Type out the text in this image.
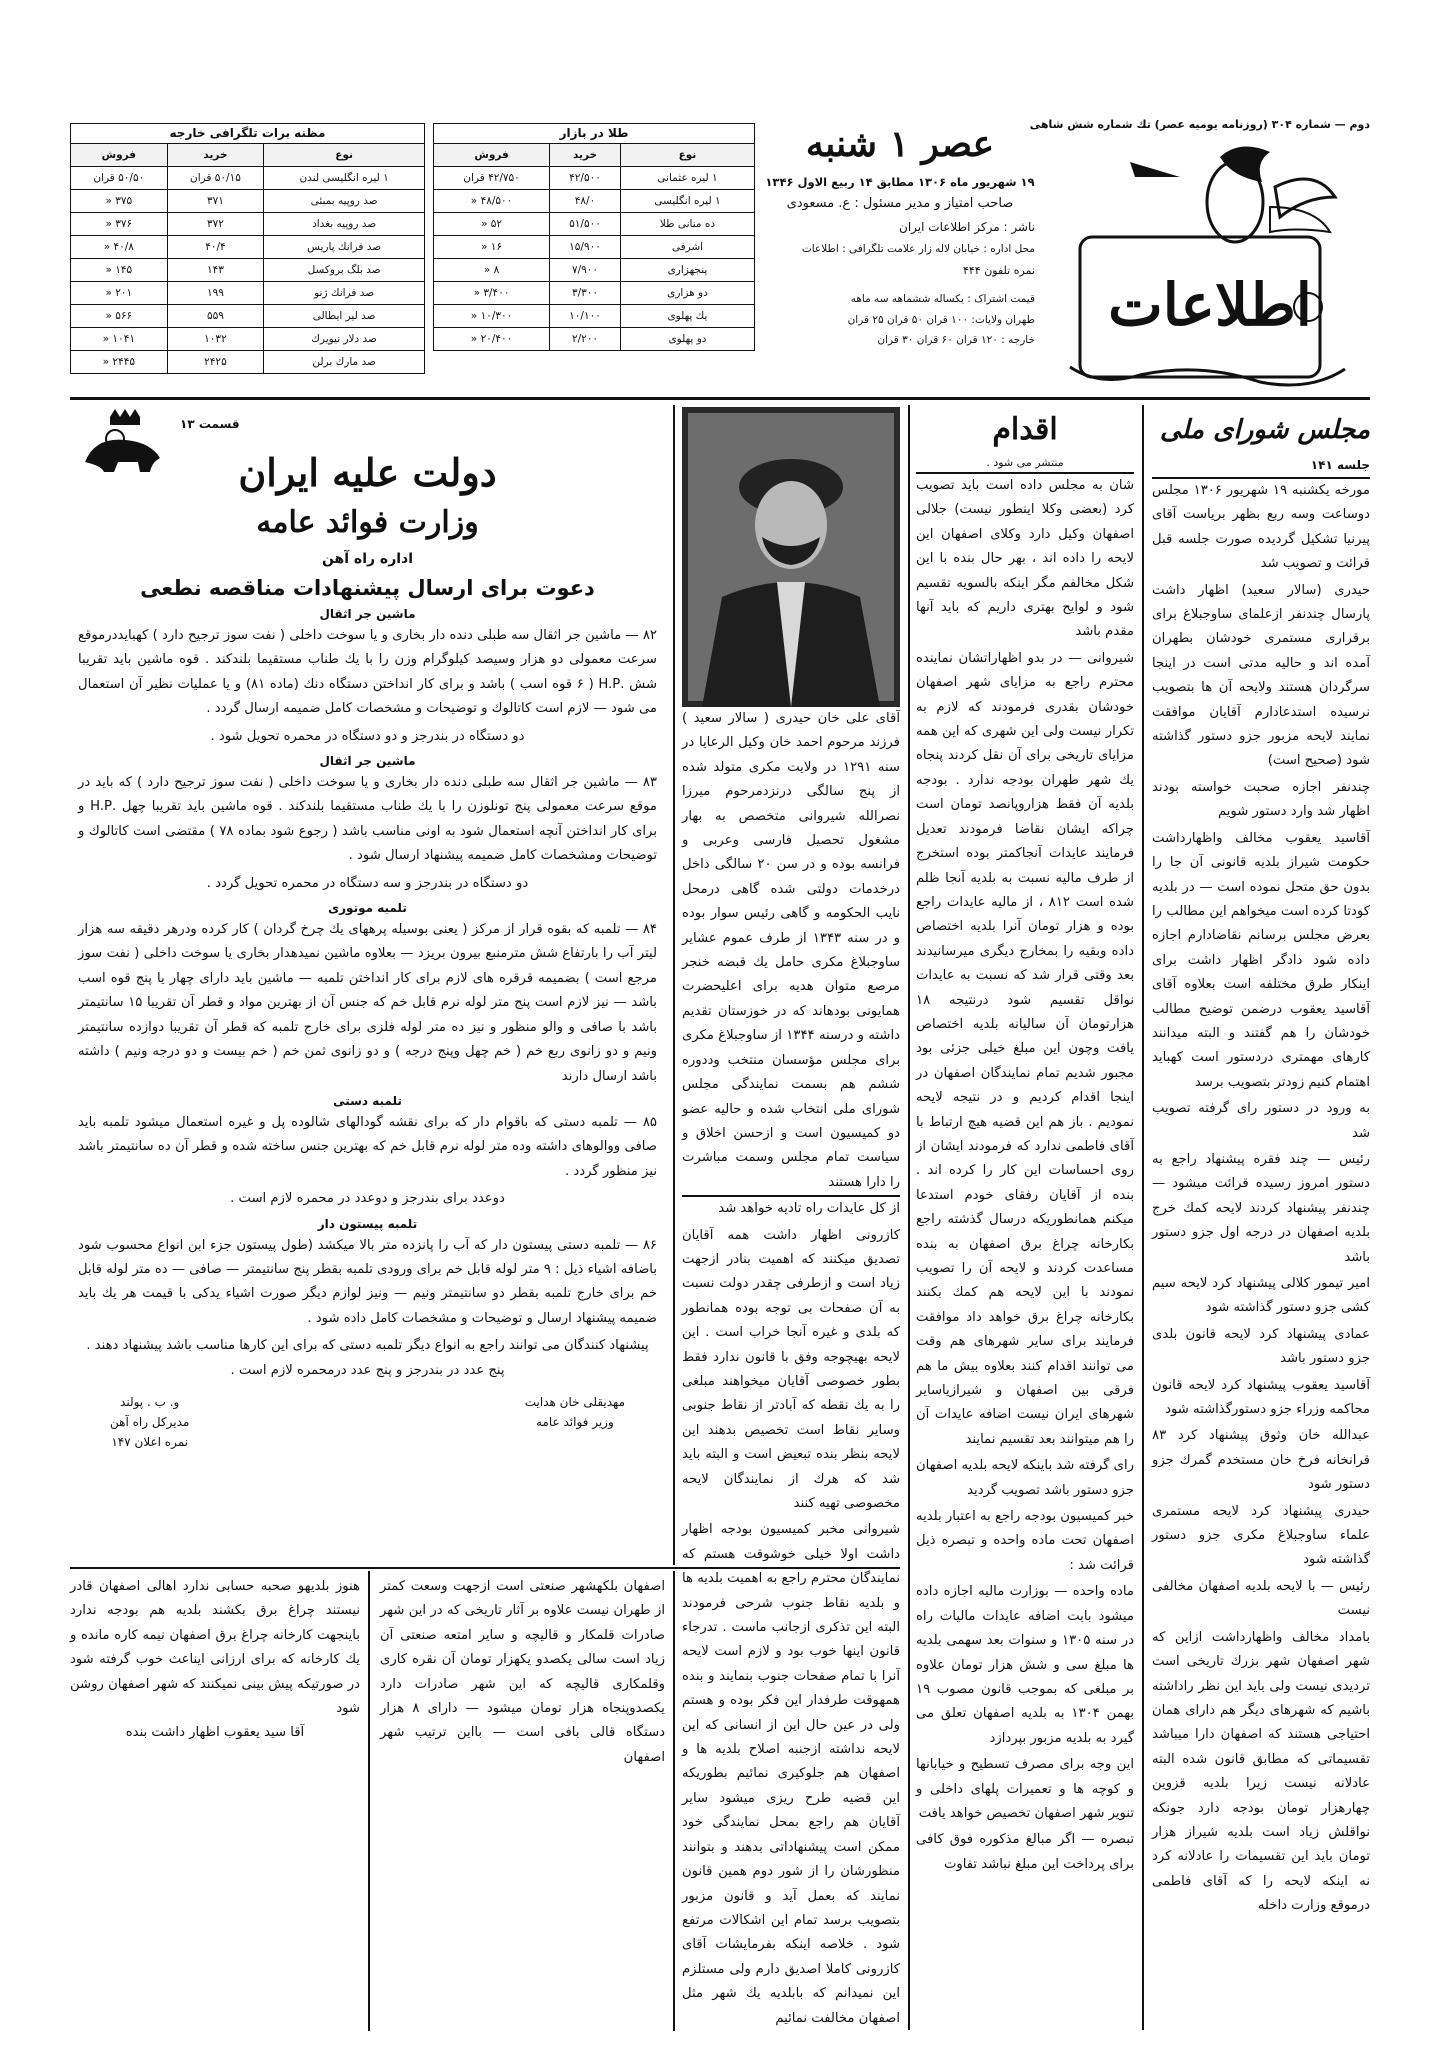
دوم — شماره ۳۰۴ (روزنامه یومیه عصر) تك شماره شش شاهی
اطلاعات
عصر ۱ شنبه
۱۹ شهریور ماه ۱۳۰۶ مطابق ۱۴ ربیع الاول ۱۳۴۶
صاحب امتیاز و مدیر مسئول : ع. مسعودی
ناشر : مرکز اطلاعات ایران
محل اداره : خیابان لاله زار علامت تلگرافی : اطلاعات
نمره تلفون ۴۴۴
قیمت اشتراک : یکساله ششماهه سه ماهه
طهران ولایات: ۱۰۰ قران ۵۰ قران ۲۵ قران
خارجه : ۱۲۰ قران ۶۰ قران ۳۰ قران
طلا در بازار
نوع	خرید	فروش
۱ لیره عثمانی	۴۲/۵۰۰	۴۲/۷۵۰ قران
۱ لیره انگلیسی	۴۸/۰	۴۸/۵۰۰ «
ده منانی طلا	۵۱/۵۰۰	۵۲ «
اشرفی	۱۵/۹۰۰	۱۶ «
پنجهزاری	۷/۹۰۰	۸ «
دو هزاری	۳/۳۰۰	۳/۴۰۰ «
یك پهلوی	۱۰/۱۰۰	۱۰/۳۰۰ «
دو پهلوی	۲/۲۰۰	۲۰/۴۰۰ «
مظنه برات تلگرافی خارجه
نوع	خرید	فروش
۱ لیره انگلیسی لندن	۵۰/۱۵ قران	۵۰/۵۰ قران
صد روپیه بمبئی	۳۷۱	۳۷۵ «
صد روپیه بغداد	۳۷۲	۳۷۶ «
صد فرانك پاریس	۴۰/۴	۴۰/۸ «
صد بلگ بروکسل	۱۴۳	۱۴۵ «
صد فرانك ژنو	۱۹۹	۲۰۱ «
صد لیر ایطالی	۵۵۹	۵۶۶ «
صد دلار نیویرك	۱۰۳۲	۱۰۴۱ «
صد مارك برلن	۲۴۲۵	۲۴۴۵ «
مجلس شورای ملی
جلسه ۱۴۱
مورخه یکشنبه ۱۹ شهریور ۱۳۰۶ مجلس دوساعت وسه ربع بظهر بریاست آقای پیرنیا تشکیل گردیده صورت جلسه قبل قرائت و تصویب شد
حیدری (سالار سعید) اظهار داشت پارسال چندنفر ازعلمای ساوجبلاغ برای برقراری مستمری خودشان بطهران آمده اند و حالیه مدتی است در اینجا سرگردان هستند ولایحه آن ها بتصویب نرسیده استدعادارم آقایان موافقت نمایند لایحه مزبور جزو دستور گذاشته شود (صحیح است)
چندنفر اجازه صحبت خواسته بودند اظهار شد وارد دستور شویم
آقاسید یعقوب مخالف واظهارداشت حکومت شیراز بلدیه قانونی آن جا را بدون حق متحل نموده است — در بلدیه کودتا کرده است میخواهم این مطالب را بعرض مجلس برسانم نقاضادارم اجازه داده شود دادگر اظهار داشت برای اینکار طرق مختلفه است بعلاوه آقای آقاسید یعقوب درضمن توضیح مطالب خودشان را هم گفتند و البته میدانند کارهای مهمتری دردستور است کهباید اهتمام کنیم زودتر بتصویب برسد
به ورود در دستور رای گرفته تصویب شد
رئیس — چند فقره پیشنهاد راجع به دستور امروز رسیده قرائت میشود — چندنفر پیشنهاد کردند لایحه کمك خرج بلدیه اصفهان در درجه اول جزو دستور باشد
امیر تیمور کلالی پیشنهاد کرد لایحه سیم کشی جزو دستور گذاشته شود
عمادی پیشنهاد کرد لایحه قانون بلدی جزو دستور باشد
آقاسید یعقوب پیشنهاد کرد لایحه قانون محاکمه وزراء جزو دستورگذاشته شود
عبدالله خان وثوق پیشنهاد کرد ۸۳ قرانخانه فرخ خان مستخدم گمرك جزو دستور شود
حیدری پیشنهاد کرد لایحه مستمری علماء ساوجبلاغ مکری جزو دستور گذاشته شود
رئیس — با لایحه بلدیه اصفهان مخالفی نیست
بامداد مخالف واظهارداشت ازاین که شهر اصفهان شهر بزرك تاریخی است تردیدی نیست ولی باید این نظر راداشته باشیم که شهرهای دیگر هم دارای همان احتیاجی هستند که اصفهان دارا میباشد تقسیماتی که مطابق قانون شده البته عادلانه نیست زیرا بلدیه قزوین چهارهزار تومان بودجه دارد جونکه نواقلش زیاد است بلدیه شیراز هزار تومان باید این تقسیمات را عادلانه کرد نه اینکه لایحه را که آقای فاطمی درموقع وزارت داخله
اقدام
منتشر می شود .
شان به مجلس داده است باید تصویب کرد (بعضی وکلا اینطور نیست) جلالی اصفهان وکیل دارد وکلای اصفهان این لایحه را داده اند ، بهر حال بنده با این شکل مخالفم مگر اینکه بالسویه تقسیم شود و لوایح بهتری داریم که باید آنها مقدم باشد
شیروانی — در بدو اظهاراتشان نماینده محترم راجع به مزایای شهر اصفهان خودشان بقدری فرمودند که لازم به تکرار نیست ولی این شهری که این همه مزایای تاریخی برای آن نقل کردند پنجاه یك شهر طهران بودجه ندارد . بودجه بلدیه آن فقط هزاروپانصد تومان است چراکه ایشان نقاضا فرمودند تعدیل فرمایند عایدات آنجاکمتر بوده استخرج از طرف مالیه نسبت به بلدیه آنجا ظلم شده است ۸۱۲ ، از مالیه عایدات راجع بوده و هزار تومان آنرا بلدیه اختصاص داده وبقیه را بمخارج دیگری میرسانیدند بعد وقتی قرار شد که نسبت به عایدات نواقل تقسیم شود درنتیجه ۱۸ هزارتومان آن سالیانه بلدیه اختصاص یافت وچون این مبلغ خیلی جزئی بود مجبور شدیم تمام نمایندگان اصفهان در اینجا اقدام کردیم و در نتیجه لایحه نمودیم . باز هم این قضیه هیچ ارتباط با آقای فاطمی ندارد که فرمودند ایشان از روی احساسات این کار را کرده اند . بنده از آقایان رفقای خودم استدعا میکنم همانطوریکه درسال گذشته راجع بکارخانه چراغ برق اصفهان به بنده مساعدت کردند و لایحه آن را تصویب نمودند با این لایحه هم کمك بکنند بکارخانه چراغ برق خواهد داد موافقت فرمایند برای سایر شهرهای هم وقت می توانند اقدام کنند بعلاوه بیش ما هم فرقی بین اصفهان و شیرازیاسایر شهرهای ایران نیست اضافه عایدات آن را هم میتوانند بعد تقسیم نمایند
رای گرفته شد باینکه لایحه بلدیه اصفهان جزو دستور باشد تصویب گردید
خبر کمیسیون بودجه راجع به اعتبار بلدیه اصفهان تحت ماده واحده و تبصره ذیل قرائت شد :
ماده واحده — بوزارت مالیه اجازه داده میشود بابت اضافه عایدات مالیات راه در سنه ۱۳۰۵ و سنوات بعد سهمی بلدیه ها مبلغ سی و شش هزار تومان علاوه بر مبلغی که بموجب قانون مصوب ۱۹ بهمن ۱۳۰۴ به بلدیه اصفهان تعلق می گیرد به بلدیه مزبور بپردازد
این وجه برای مصرف تسطیح و خیابانها و کوچه ها و تعمیرات پلهای داخلی و تنویر شهر اصفهان تخصیص خواهد یافت
تبصره — اگر مبالغ مذکوره فوق کافی برای پرداخت این مبلغ نباشد تفاوت
آقای علی خان حیدری ( سالار سعید ) فرزند مرحوم احمد خان وکیل الرعایا در سنه ۱۲۹۱ در ولایت مکری متولد شده از پنج سالگی درنزدمرحوم میرزا نصرالله شیروانی متخصص به بهار مشغول تحصیل فارسی وعربی و فرانسه بوده و در سن ۲۰ سالگی داخل درخدمات دولتی شده گاهی درمحل نایب الحکومه و گاهی رئیس سوار بوده و در سنه ۱۳۴۳ از طرف عموم عشایر ساوجبلاغ مکری حامل یك قبضه خنجر مرصع متوان هدیه برای اعلیحضرت همایونی بودهاند که در خوزستان تقدیم داشته و درسنه ۱۳۴۴ از ساوجبلاغ مکری برای مجلس مؤسسان منتخب وددوره ششم هم بسمت نمایندگی مجلس شورای ملی انتخاب شده و حالیه عضو دو کمیسیون است و ازحسن اخلاق و سیاست تمام مجلس وسمت مباشرت را دارا هستند
از کل عایدات راه تادیه خواهد شد
کازرونی اظهار داشت همه آقایان تصدیق میکنند که اهمیت بنادر ازجهت زیاد است و ازطرفی چقدر دولت نسبت به آن صفحات بی توجه بوده همانطور که بلدی و غیره آنجا خراب است . این لایحه بهیچوجه وفق با قانون ندارد فقط بطور خصوصی آقایان میخواهند مبلغی را به یك نقطه که آبادتر از نقاط جنوبی وسایر نقاط است تخصیص بدهند این لایحه بنظر بنده تبعیض است و البته باید شد که هرك از نمایندگان لایحه مخصوصی تهیه کنند
شیروانی مخبر کمیسیون بودجه اظهار داشت اولا خیلی خوشوقت هستم که نمایندگان محترم راجع به اهمیت بلدیه ها و بلدیه نقاط جنوب شرحی فرمودند البته این تذکری ازجانب ماست . تدرجاء قانون اینها خوب بود و لازم است لایحه آنرا با تمام صفحات جنوب بنمایند و بنده همهوقت طرفدار این فکر بوده و هستم ولی در عین حال این از انسانی که این لایحه نداشته ازجنبه اصلاح بلدیه ها و اصفهان هم جلوکیری نمائیم بطوریکه این قضیه طرح ریزی میشود سایر آقایان هم راجع بمحل نمایندگی خود ممکن است پیشنهاداتی بدهند و بتوانند منظورشان را از شور دوم همین قانون نمایند که بعمل آید و قانون مزبور بتصویب برسد تمام این اشکالات مرتفع شود . خلاصه اینکه بفرمایشات آقای کازرونی کاملا اصدیق دارم ولی مستلزم این نمیدانم که بابلدیه یك شهر مثل اصفهان مخالفت نمائیم
قسمت ۱۳
دولت علیه ایران
وزارت فوائد عامه
اداره راه آهن
دعوت برای ارسال پیشنهادات مناقصه نطعی
ماشین جر اثقال
۸۲ — ماشین جر اثقال سه طبلی دنده دار بخاری و یا سوخت داخلی ( نفت سوز ترجیح دارد ) کهبایددرموقع سرعت معمولی دو هزار وسیصد کیلوگرام وزن را با یك طناب مستقیما بلندکند . قوه ماشین باید تقریبا شش .H.P ( ۶ قوه اسب ) باشد و برای کار انداختن دستگاه دنك (ماده ۸۱) و یا عملیات نظیر آن استعمال می شود — لازم است کاتالوك و توضیحات و مشخصات کامل ضمیمه ارسال گردد .
دو دستگاه در بندرجز و دو دستگاه در محمره تحویل شود .
ماشین جر اثقال
۸۳ — ماشین جر اثقال سه طبلی دنده دار بخاری و یا سوخت داخلی ( نفت سوز ترجیح دارد ) که باید در موقع سرعت معمولی پنج تونلوزن را با یك طناب مستقیما بلندکند . قوه ماشین باید تقریبا چهل .H.P و برای کار انداختن آنچه استعمال شود به اونی مناسب باشد ( رجوع شود بماده ۷۸ ) مقتضی است کاتالوك و توضیحات ومشخصات کامل ضمیمه پیشنهاد ارسال شود .
دو دستگاه در بندرجز و سه دستگاه در محمره تحویل گردد .
تلمبه موتوری
۸۴ — تلمبه که بقوه قرار از مرکز ( یعنی بوسیله پرههای یك چرخ گردان ) کار کرده ودرهر دقیقه سه هزار لیتر آب را بارتفاع شش مترمنبع بیرون بریزد — بعلاوه ماشین نمیدهدار بخاری یا سوخت داخلی ( نفت سوز مرجع است ) بضمیمه قرقره های لازم برای کار انداختن تلمبه — ماشین باید دارای چهار یا پنج قوه اسب باشد — نیز لازم است پنج متر لوله نرم قابل خم که جنس آن از بهترین مواد و قطر آن تقریبا ۱۵ سانتیمتر باشد با صافی و والو منظور و نیز ده متر لوله فلزی برای خارج تلمبه که قطر آن تقریبا دوازده سانتیمتر ونیم و دو زانوی ربع خم ( خم چهل وپنج درجه ) و دو زانوی ثمن خم ( خم بیست و دو درجه ونیم ) داشته باشد ارسال دارند
تلمبه دستی
۸۵ — تلمبه دستی که باقوام دار که برای نقشه گودالهای شالوده پل و غیره استعمال میشود تلمبه باید صافی ووالوهای داشته وده متر لوله نرم قابل خم که بهترین جنس ساخته شده و قطر آن ده سانتیمتر باشد نیز منظور گردد .
دوعدد برای بندرجز و دوعدد در محمره لازم است .
تلمبه پیستون دار
۸۶ — تلمبه دستی پیستون دار که آب را پانزده متر بالا میکشد (طول پیستون جزء ابن انواع محسوب شود باضافه اشیاء ذیل : ۹ متر لوله قابل خم برای ورودی تلمبه بقطر پنج سانتیمتر — صافی — ده متر لوله قابل خم برای خارج تلمبه بقطر دو سانتیمتر ونیم — ونیز لوازم دیگر صورت اشیاء یدکی با قیمت هر یك باید ضمیمه پیشنهاد ارسال و توضیحات و مشخصات کامل داده شود .
پیشنهاد کنندگان می توانند راجع به انواع دیگر تلمبه دستی که برای این کارها مناسب باشد پیشنهاد دهند . پنج عدد در بندرجز و پنج عدد درمحمره لازم است .
مهدیقلی خان هدایت
وزیر فوائد عامه
و. ب . پولند
مدیرکل راه آهن
نمره اعلان ۱۴۷
اصفهان بلکهشهر صنعتی است ازجهت وسعت کمتر از طهران نیست علاوه بر آثار تاریخی که در این شهر صادرات قلمکار و قالیچه و سایر امتعه صنعتی آن زیاد است سالی یکصدو یکهزار تومان آن نقره کاری وقلمکاری قالیچه که این شهر صادرات دارد یکصدوپنجاه هزار تومان میشود — دارای ۸ هزار دستگاه قالی بافی است — بااین ترتیب شهر اصفهان
هنوز بلدیهو صحبه حسابی ندارد اهالی اصفهان قادر نیستند چراغ برق بکشند بلدیه هم بودجه ندارد باینجهت کارخانه چراغ برق اصفهان نیمه کاره مانده و یك کارخانه که برای ارزانی ایناعث خوب گرفته شود در صورتیکه پیش بینی نمیکنند که شهر اصفهان روشن شود
آقا سید یعقوب اظهار داشت بنده
